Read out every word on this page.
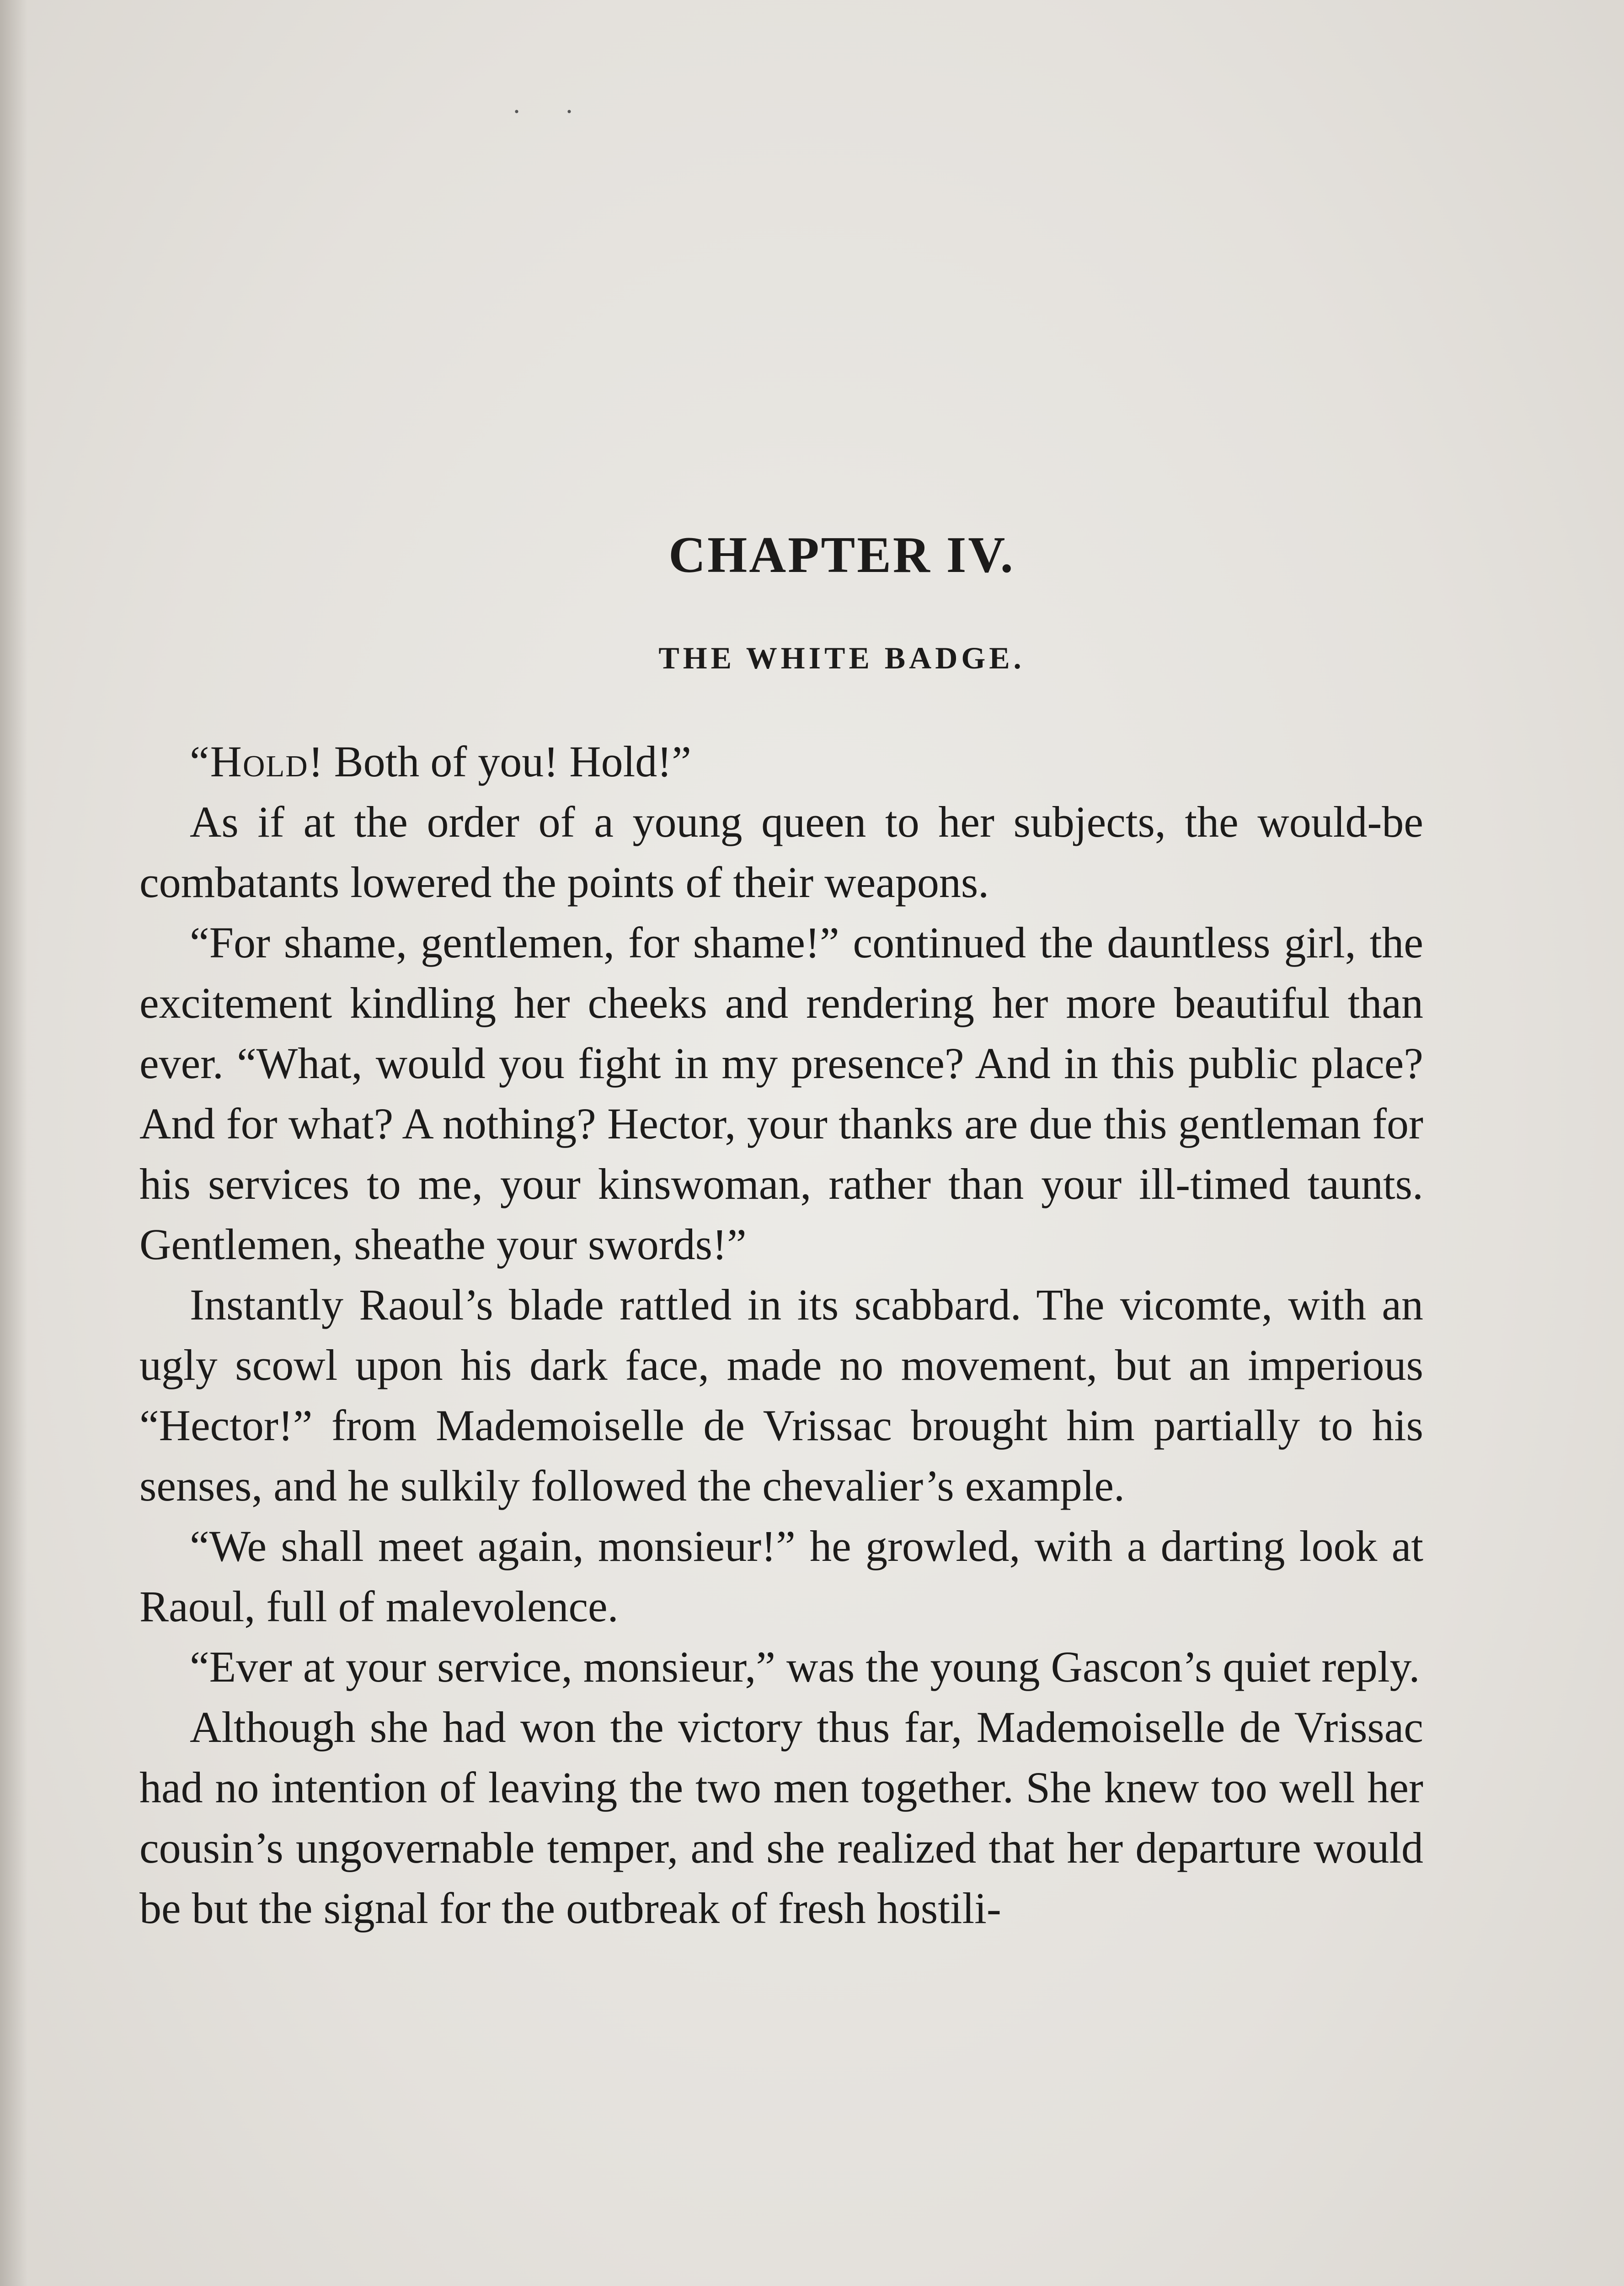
· ·
CHAPTER IV.
THE WHITE BADGE.

“Hold! Both of you! Hold!”

As if at the order of a young queen to her subjects, the would-be combatants lowered the points of their weapons.

“For shame, gentlemen, for shame!” continued the dauntless girl, the excitement kindling her cheeks and rendering her more beautiful than ever. “What, would you fight in my presence? And in this public place? And for what? A nothing? Hector, your thanks are due this gentleman for his services to me, your kinswoman, rather than your ill-timed taunts. Gentlemen, sheathe your swords!”

Instantly Raoul’s blade rattled in its scabbard. The vicomte, with an ugly scowl upon his dark face, made no movement, but an imperious “Hector!” from Mademoiselle de Vrissac brought him partially to his senses, and he sulkily followed the chevalier’s example.

“We shall meet again, monsieur!” he growled, with a darting look at Raoul, full of malevolence.

“Ever at your service, monsieur,” was the young Gascon’s quiet reply.

Although she had won the victory thus far, Mademoiselle de Vrissac had no intention of leaving the two men together. She knew too well her cousin’s ungovernable temper, and she realized that her departure would be but the signal for the outbreak of fresh hostili-
